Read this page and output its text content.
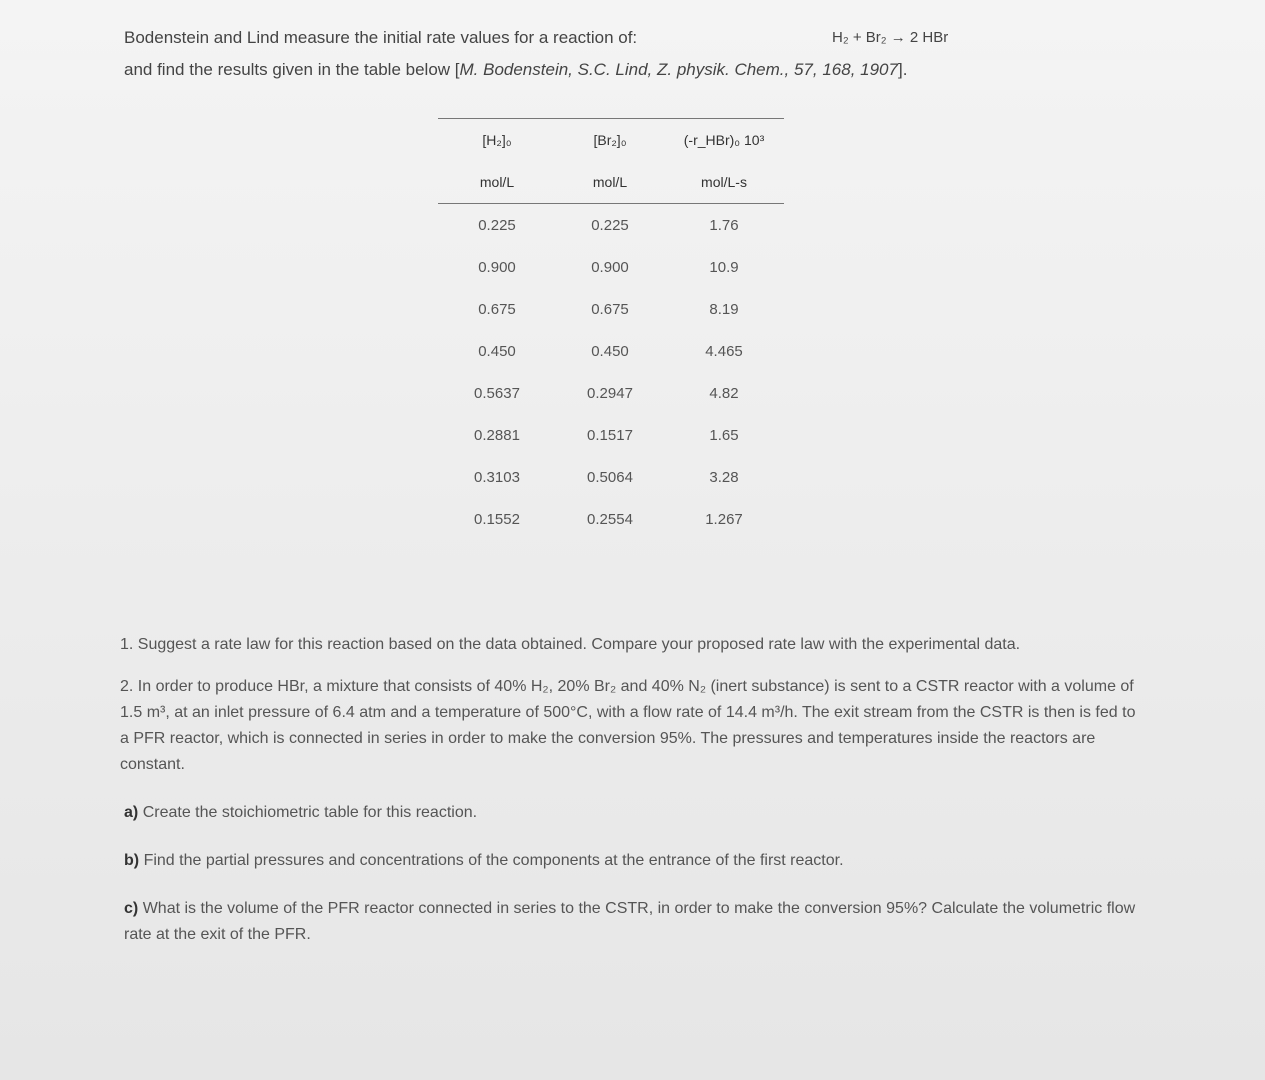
Bodenstein and Lind measure the initial rate values for a reaction of:	H₂ + Br₂ → 2 HBr
and find the results given in the table below [M. Bodenstein, S.C. Lind, Z. physik. Chem., 57, 168, 1907].
[H₂]₀	[Br₂]₀	(-r_HBr)₀ 10³
mol/L	mol/L	mol/L-s
0.225	0.225	1.76
0.900	0.900	10.9
0.675	0.675	8.19
0.450	0.450	4.465
0.5637	0.2947	4.82
0.2881	0.1517	1.65
0.3103	0.5064	3.28
0.1552	0.2554	1.267
1. Suggest a rate law for this reaction based on the data obtained. Compare your proposed rate law with the experimental data.
2. In order to produce HBr, a mixture that consists of 40% H₂, 20% Br₂ and 40% N₂ (inert substance) is sent to a CSTR reactor with a volume of 1.5 m³, at an inlet pressure of 6.4 atm and a temperature of 500°C, with a flow rate of 14.4 m³/h. The exit stream from the CSTR is then is fed to a PFR reactor, which is connected in series in order to make the conversion 95%. The pressures and temperatures inside the reactors are constant.
a) Create the stoichiometric table for this reaction.
b) Find the partial pressures and concentrations of the components at the entrance of the first reactor.
c) What is the volume of the PFR reactor connected in series to the CSTR, in order to make the conversion 95%? Calculate the volumetric flow rate at the exit of the PFR.
